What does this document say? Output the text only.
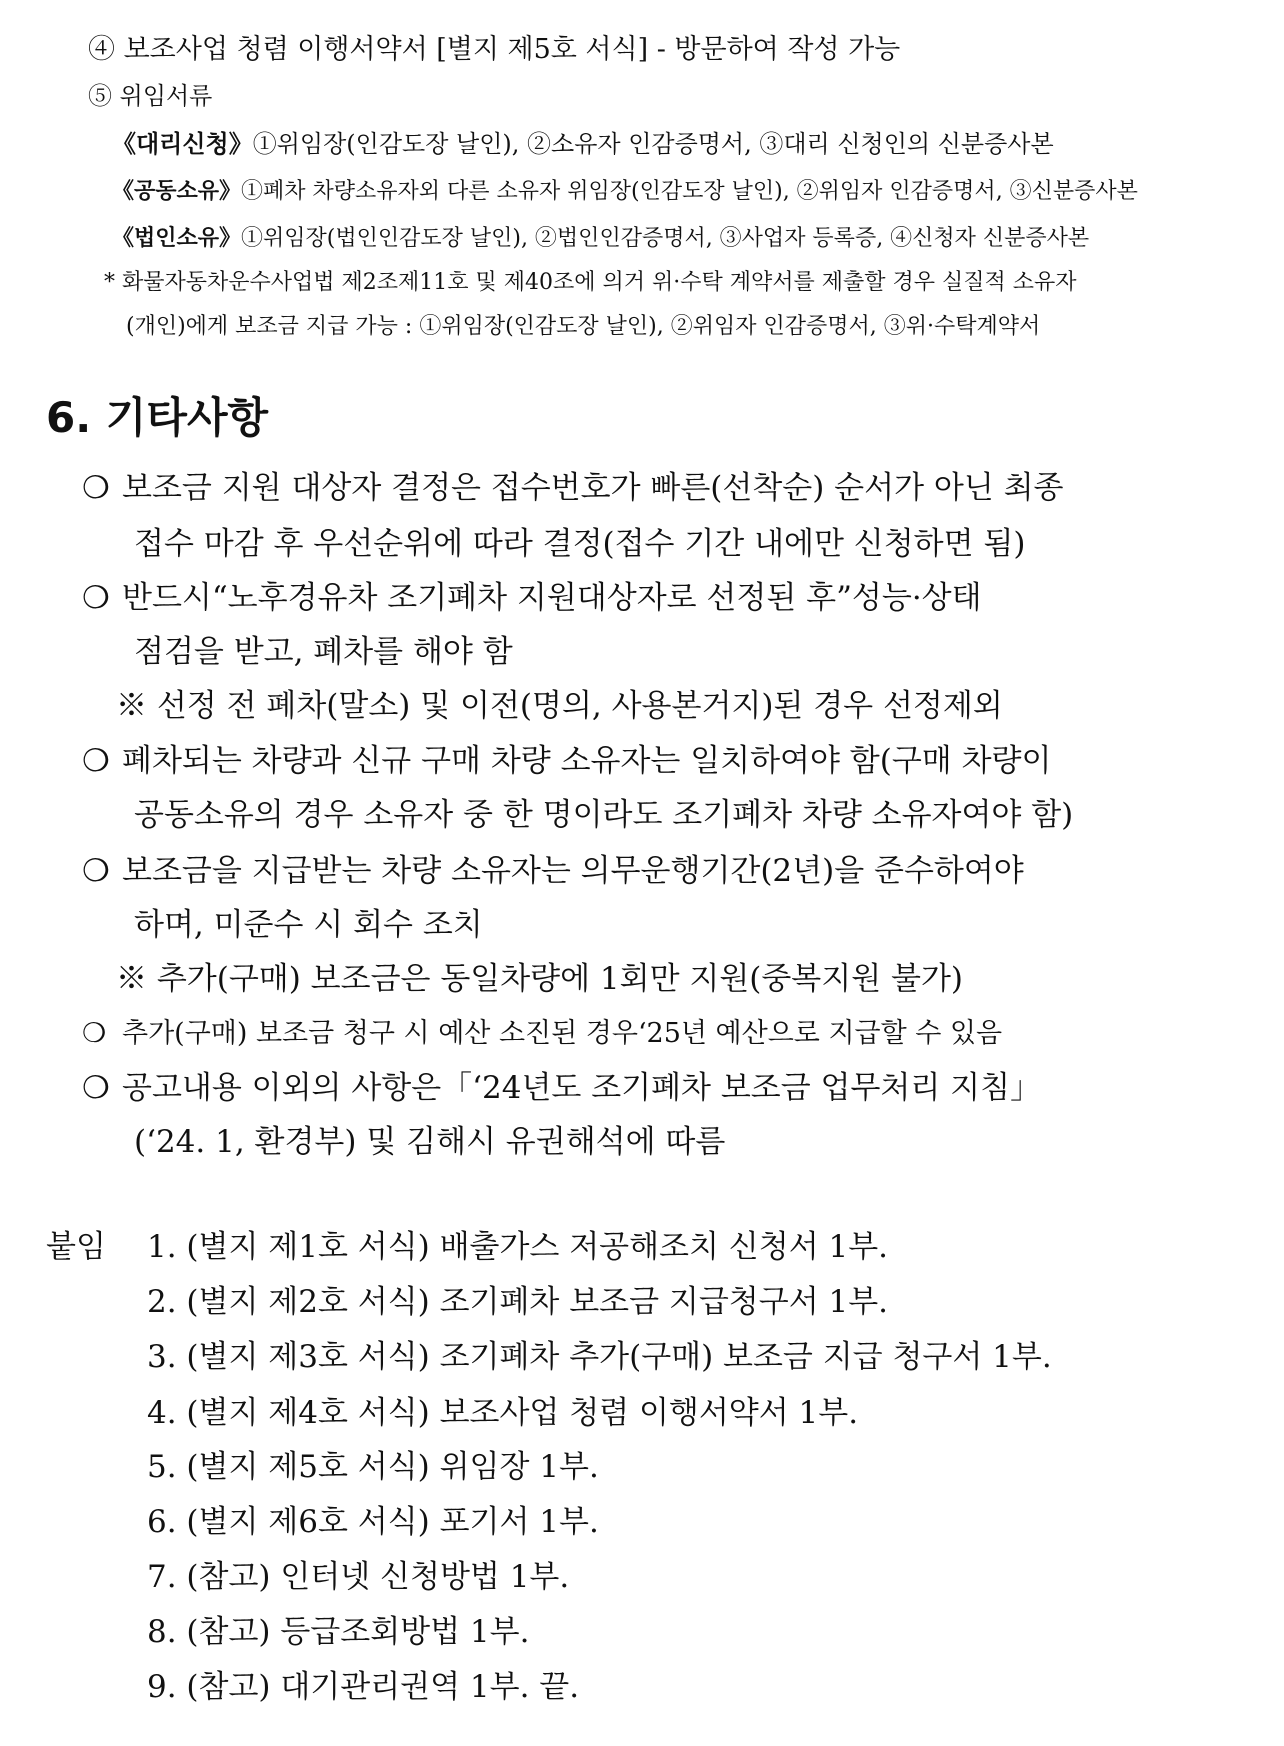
④ 보조사업 청렴 이행서약서 [별지 제5호 서식] - 방문하여 작성 가능
⑤ 위임서류
《대리신청》①위임장(인감도장 날인), ②소유자 인감증명서, ③대리 신청인의 신분증사본
《공동소유》①폐차 차량소유자외 다른 소유자 위임장(인감도장 날인), ②위임자 인감증명서, ③신분증사본
《법인소유》①위임장(법인인감도장 날인), ②법인인감증명서, ③사업자 등록증, ④신청자 신분증사본
* 화물자동차운수사업법 제2조제11호 및 제40조에 의거 위·수탁 계약서를 제출할 경우 실질적 소유자
(개인)에게 보조금 지급 가능 : ①위임장(인감도장 날인), ②위임자 인감증명서, ③위·수탁계약서
6. 기타사항
❍ 보조금 지원 대상자 결정은 접수번호가 빠른(선착순) 순서가 아닌 최종
접수 마감 후 우선순위에 따라 결정(접수 기간 내에만 신청하면 됨)
❍ 반드시“노후경유차 조기폐차 지원대상자로 선정된 후”성능·상태
점검을 받고, 폐차를 해야 함
※ 선정 전 폐차(말소) 및 이전(명의, 사용본거지)된 경우 선정제외
❍ 폐차되는 차량과 신규 구매 차량 소유자는 일치하여야 함(구매 차량이
공동소유의 경우 소유자 중 한 명이라도 조기폐차 차량 소유자여야 함)
❍ 보조금을 지급받는 차량 소유자는 의무운행기간(2년)을 준수하여야
하며, 미준수 시 회수 조치
※ 추가(구매) 보조금은 동일차량에 1회만 지원(중복지원 불가)
❍ 추가(구매) 보조금 청구 시 예산 소진된 경우‘25년 예산으로 지급할 수 있음
❍ 공고내용 이외의 사항은「‘24년도 조기폐차 보조금 업무처리 지침」
(‘24. 1, 환경부) 및 김해시 유권해석에 따름
붙임 1. (별지 제1호 서식) 배출가스 저공해조치 신청서 1부.
2. (별지 제2호 서식) 조기폐차 보조금 지급청구서 1부.
3. (별지 제3호 서식) 조기폐차 추가(구매) 보조금 지급 청구서 1부.
4. (별지 제4호 서식) 보조사업 청렴 이행서약서 1부.
5. (별지 제5호 서식) 위임장 1부.
6. (별지 제6호 서식) 포기서 1부.
7. (참고) 인터넷 신청방법 1부.
8. (참고) 등급조회방법 1부.
9. (참고) 대기관리권역 1부. 끝.
